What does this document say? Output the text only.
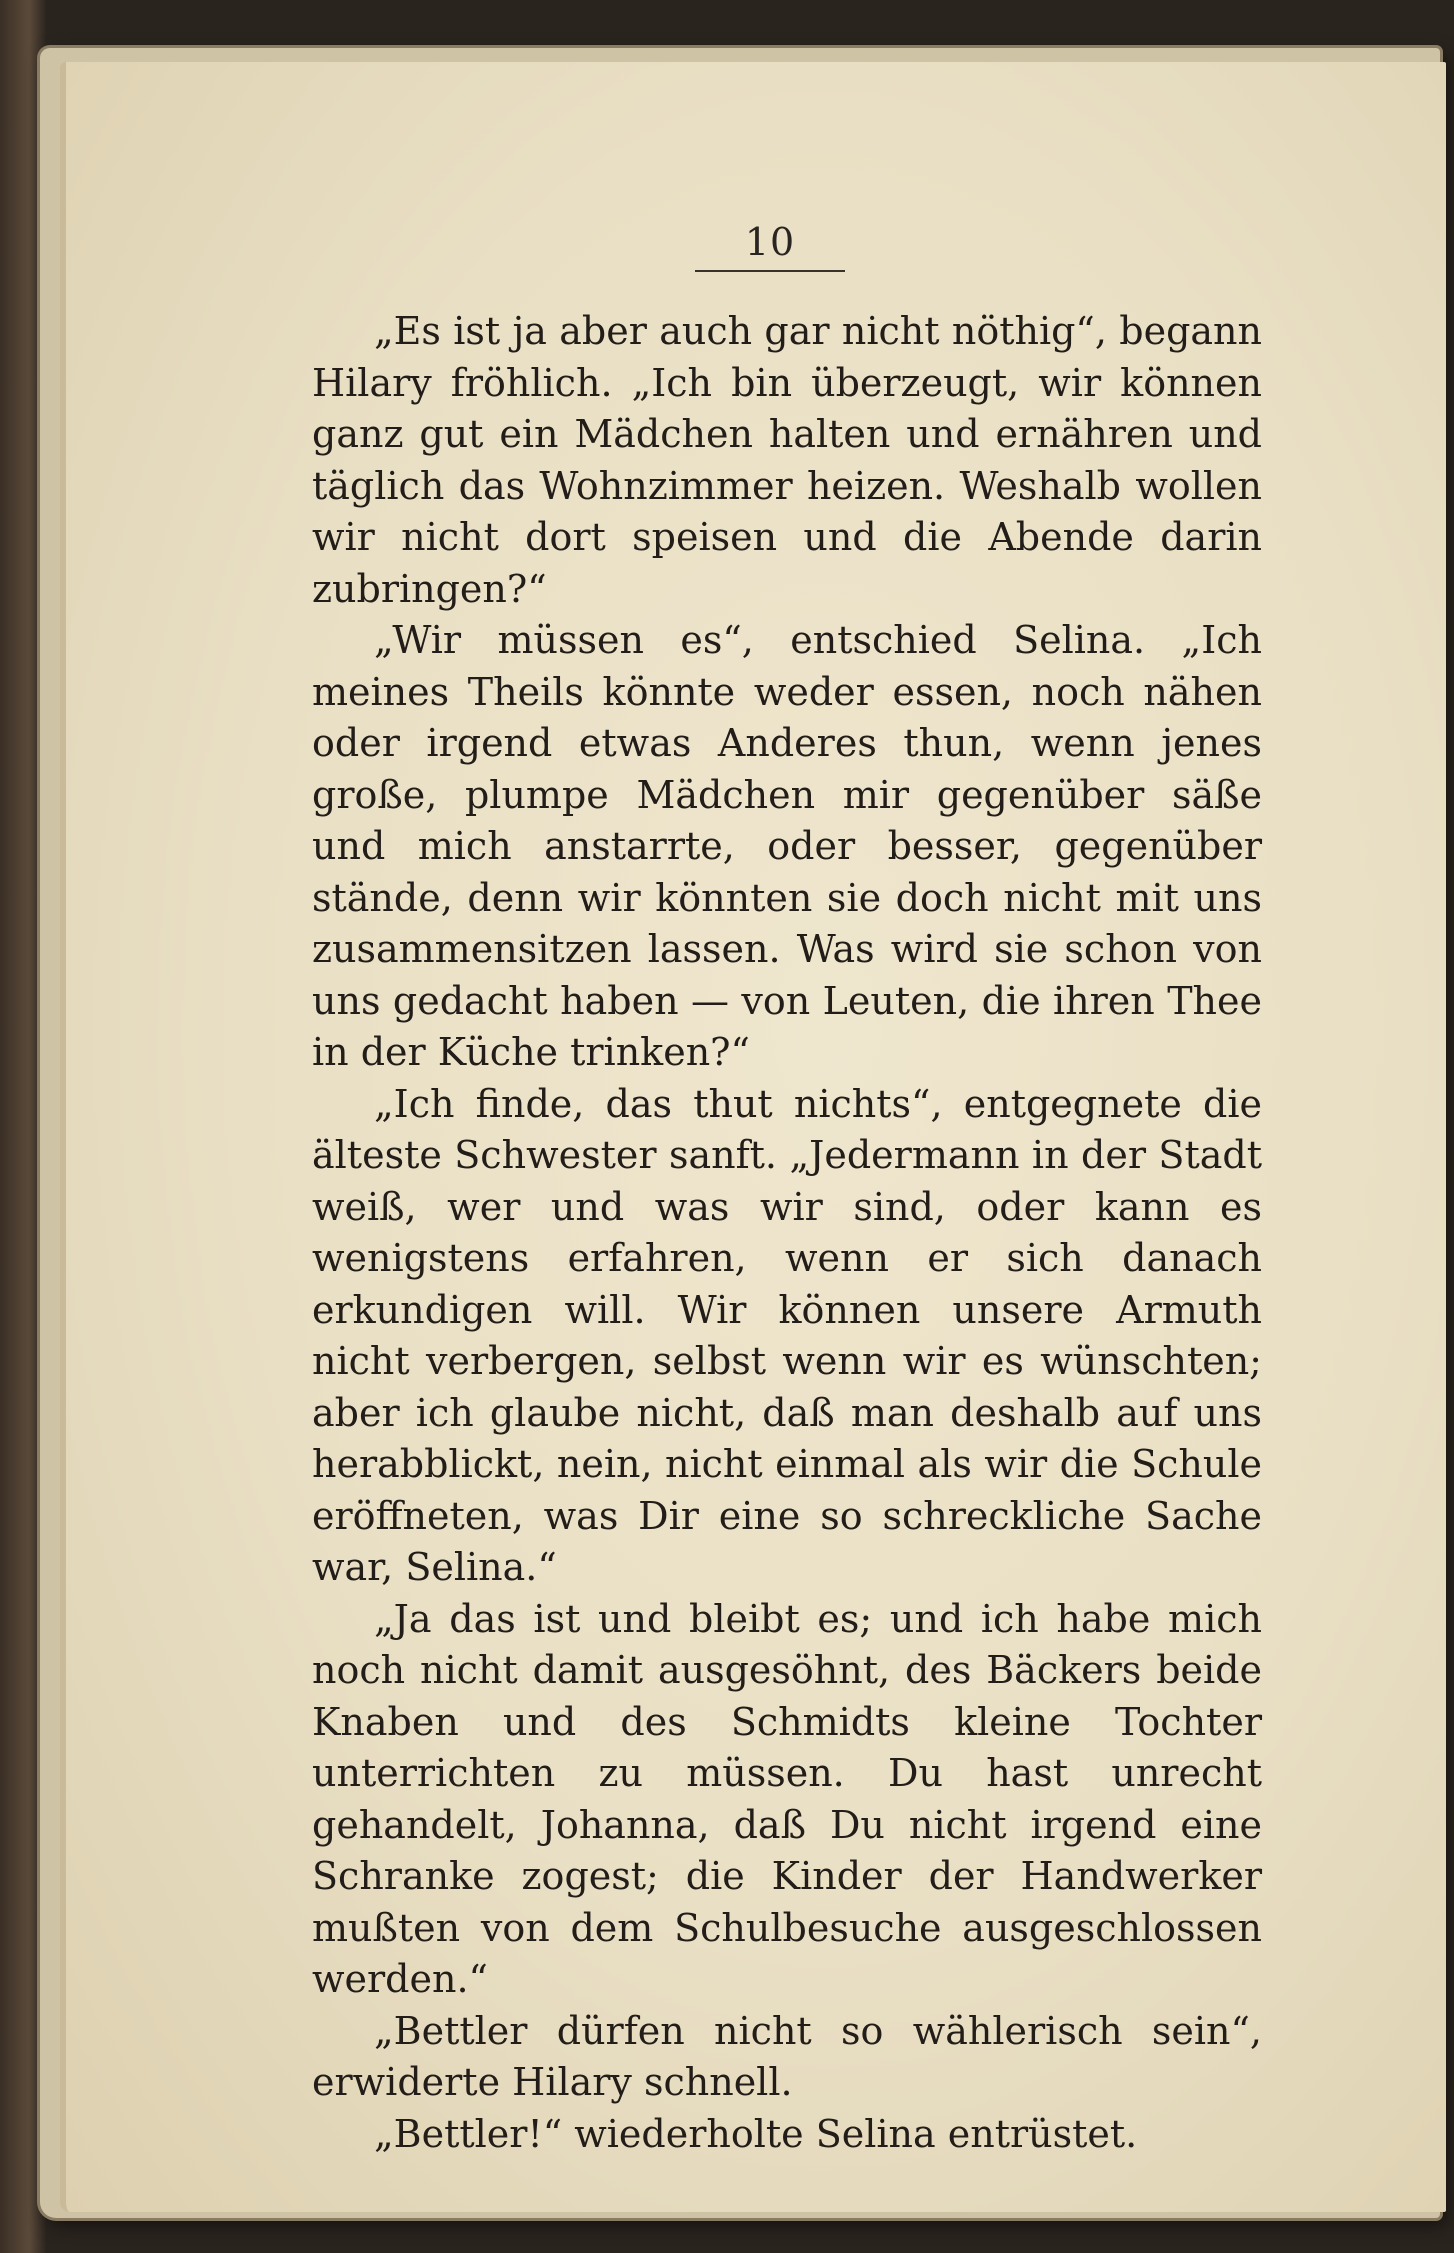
10

„Es ist ja aber auch gar nicht nöthig“, begann Hilary fröhlich. „Ich bin überzeugt, wir können ganz gut ein Mädchen halten und ernähren und täglich das Wohnzimmer heizen. Weshalb wollen wir nicht dort speisen und die Abende darin zubringen?“

„Wir müssen es“, entschied Selina. „Ich meines Theils könnte weder essen, noch nähen oder irgend etwas Anderes thun, wenn jenes große, plumpe Mädchen mir gegenüber säße und mich anstarrte, oder besser, gegenüber stände, denn wir könnten sie doch nicht mit uns zusammensitzen lassen. Was wird sie schon von uns gedacht haben — von Leuten, die ihren Thee in der Küche trinken?“

„Ich finde, das thut nichts“, entgegnete die älteste Schwester sanft. „Jedermann in der Stadt weiß, wer und was wir sind, oder kann es wenigstens erfahren, wenn er sich danach erkundigen will. Wir können unsere Armuth nicht verbergen, selbst wenn wir es wünschten; aber ich glaube nicht, daß man deshalb auf uns herabblickt, nein, nicht einmal als wir die Schule eröffneten, was Dir eine so schreckliche Sache war, Selina.“

„Ja das ist und bleibt es; und ich habe mich noch nicht damit ausgesöhnt, des Bäckers beide Knaben und des Schmidts kleine Tochter unterrichten zu müssen. Du hast unrecht gehandelt, Johanna, daß Du nicht irgend eine Schranke zogest; die Kinder der Handwerker mußten von dem Schulbesuche ausgeschlossen werden.“

„Bettler dürfen nicht so wählerisch sein“, erwiderte Hilary schnell.

„Bettler!“ wiederholte Selina entrüstet.
